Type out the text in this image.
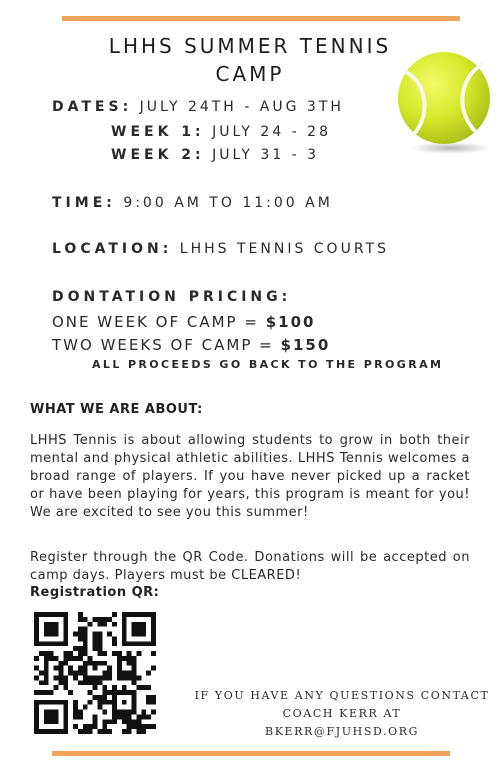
LHHS SUMMER TENNIS
CAMP
DATES: JULY 24TH - AUG 3TH
WEEK 1: JULY 24 - 28
WEEK 2: JULY 31 - 3
TIME: 9:00 AM TO 11:00 AM
LOCATION: LHHS TENNIS COURTS
DONTATION PRICING:
ONE WEEK OF CAMP = $100
TWO WEEKS OF CAMP = $150
ALL PROCEEDS GO BACK TO THE PROGRAM
WHAT WE ARE ABOUT:
LHHS Tennis is about allowing students to grow in both their mental and physical athletic abilities. LHHS Tennis welcomes a broad range of players. If you have never picked up a racket or have been playing for years, this program is meant for you! We are excited to see you this summer!
Register through the QR Code. Donations will be accepted on camp days. Players must be CLEARED!
Registration QR:
IF YOU HAVE ANY QUESTIONS CONTACT
COACH KERR AT
BKERR@FJUHSD.ORG
